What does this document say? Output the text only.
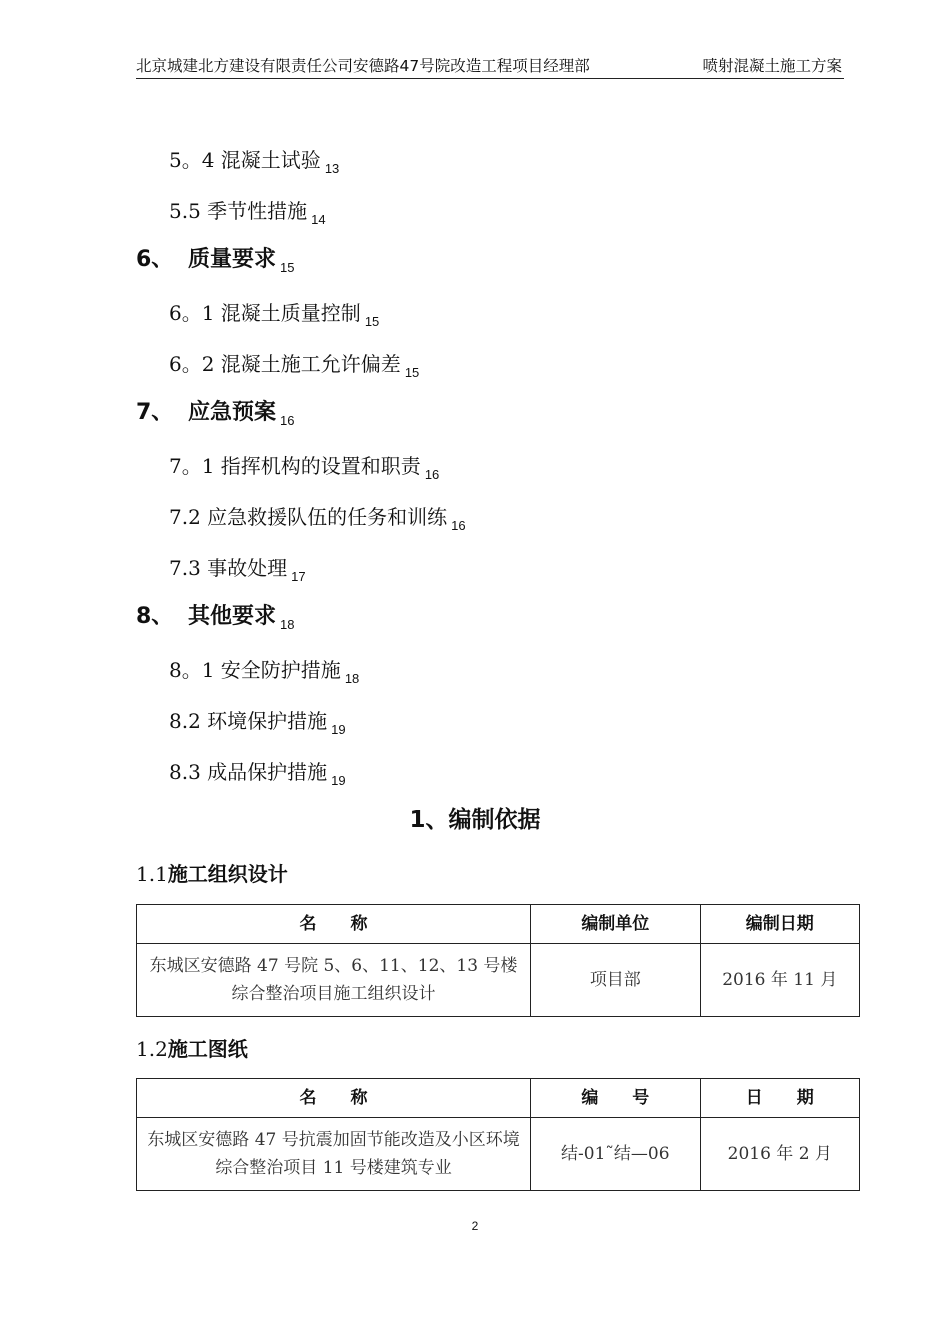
北京城建北方建设有限责任公司安德路47号院改造工程项目经理部	喷射混凝土施工方案
5。4 混凝土试验 $_{13}$
5.5 季节性措施 $_{14}$
6、 质量要求 $_{15}$
6。1 混凝土质量控制 $_{15}$
6。2 混凝土施工允许偏差 $_{15}$
7、 应急预案 $_{16}$
7。1 指挥机构的设置和职责 $_{16}$
7.2 应急救援队伍的任务和训练 $_{16}$
7.3 事故处理 $_{17}$
8、 其他要求 $_{18}$
8。1 安全防护措施 $_{18}$
8.2 环境保护措施 $_{19}$
8.3 成品保护措施 $_{19}$
1、编制依据
1.1施工组织设计
名　　称	编制单位	编制日期
东城区安德路 47 号院 5、6、11、12、13 号楼综合整治项目施工组织设计	项目部	2016 年 11 月
1.2施工图纸
名　　称	编　　号	日　　期
东城区安德路 47 号抗震加固节能改造及小区环境综合整治项目 11 号楼建筑专业	结-01˜结—06	2016 年 2 月
2
